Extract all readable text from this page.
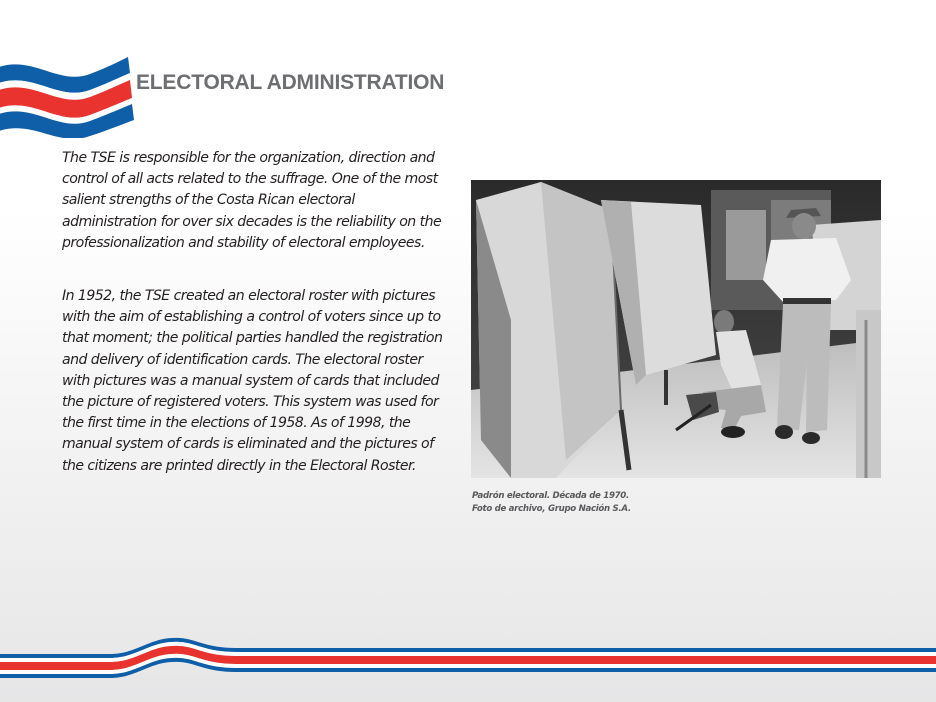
ELECTORAL ADMINISTRATION

The TSE is responsible for the organization, direction and control of all acts related to the suffrage. One of the most salient strengths of the Costa Rican electoral administration for over six decades is the reliability on the professionalization and stability of electoral employees.

In 1952, the TSE created an electoral roster with pictures with the aim of establishing a control of voters since up to that moment; the political parties handled the registration and delivery of identification cards. The electoral roster with pictures was a manual system of cards that included the picture of registered voters. This system was used for the first time in the elections of 1958. As of 1998, the manual system of cards is eliminated and the pictures of the citizens are printed directly in the Electoral Roster.

Padrón electoral. Década de 1970.
Foto de archivo, Grupo Nación S.A.
